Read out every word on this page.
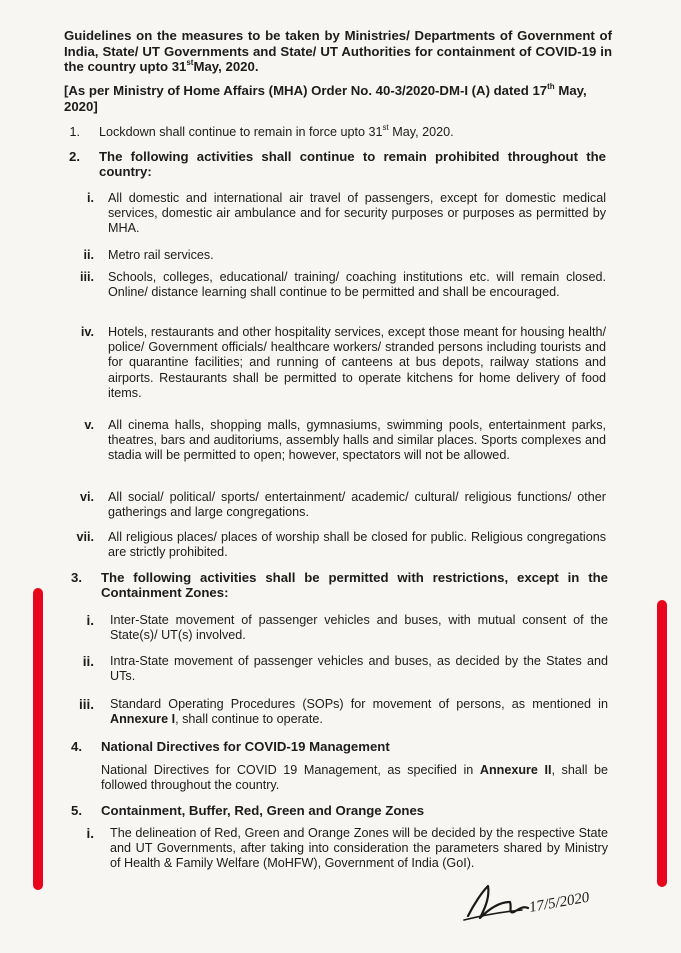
Guidelines on the measures to be taken by Ministries/ Departments of Government of India, State/ UT Governments and State/ UT Authorities for containment of COVID-19 in the country upto 31stMay, 2020.
[As per Ministry of Home Affairs (MHA) Order No. 40-3/2020-DM-I (A) dated 17th May, 2020]
1. Lockdown shall continue to remain in force upto 31st May, 2020.
2. The following activities shall continue to remain prohibited throughout the country:
i. All domestic and international air travel of passengers, except for domestic medical services, domestic air ambulance and for security purposes or purposes as permitted by MHA.
ii. Metro rail services.
iii. Schools, colleges, educational/ training/ coaching institutions etc. will remain closed. Online/ distance learning shall continue to be permitted and shall be encouraged.
iv. Hotels, restaurants and other hospitality services, except those meant for housing health/ police/ Government officials/ healthcare workers/ stranded persons including tourists and for quarantine facilities; and running of canteens at bus depots, railway stations and airports. Restaurants shall be permitted to operate kitchens for home delivery of food items.
v. All cinema halls, shopping malls, gymnasiums, swimming pools, entertainment parks, theatres, bars and auditoriums, assembly halls and similar places. Sports complexes and stadia will be permitted to open; however, spectators will not be allowed.
vi. All social/ political/ sports/ entertainment/ academic/ cultural/ religious functions/ other gatherings and large congregations.
vii. All religious places/ places of worship shall be closed for public. Religious congregations are strictly prohibited.
3. The following activities shall be permitted with restrictions, except in the Containment Zones:
i. Inter-State movement of passenger vehicles and buses, with mutual consent of the State(s)/ UT(s) involved.
ii. Intra-State movement of passenger vehicles and buses, as decided by the States and UTs.
iii. Standard Operating Procedures (SOPs) for movement of persons, as mentioned in Annexure I, shall continue to operate.
4. National Directives for COVID-19 Management
National Directives for COVID 19 Management, as specified in Annexure II, shall be followed throughout the country.
5. Containment, Buffer, Red, Green and Orange Zones
i. The delineation of Red, Green and Orange Zones will be decided by the respective State and UT Governments, after taking into consideration the parameters shared by Ministry of Health & Family Welfare (MoHFW), Government of India (GoI).
17/5/2020
